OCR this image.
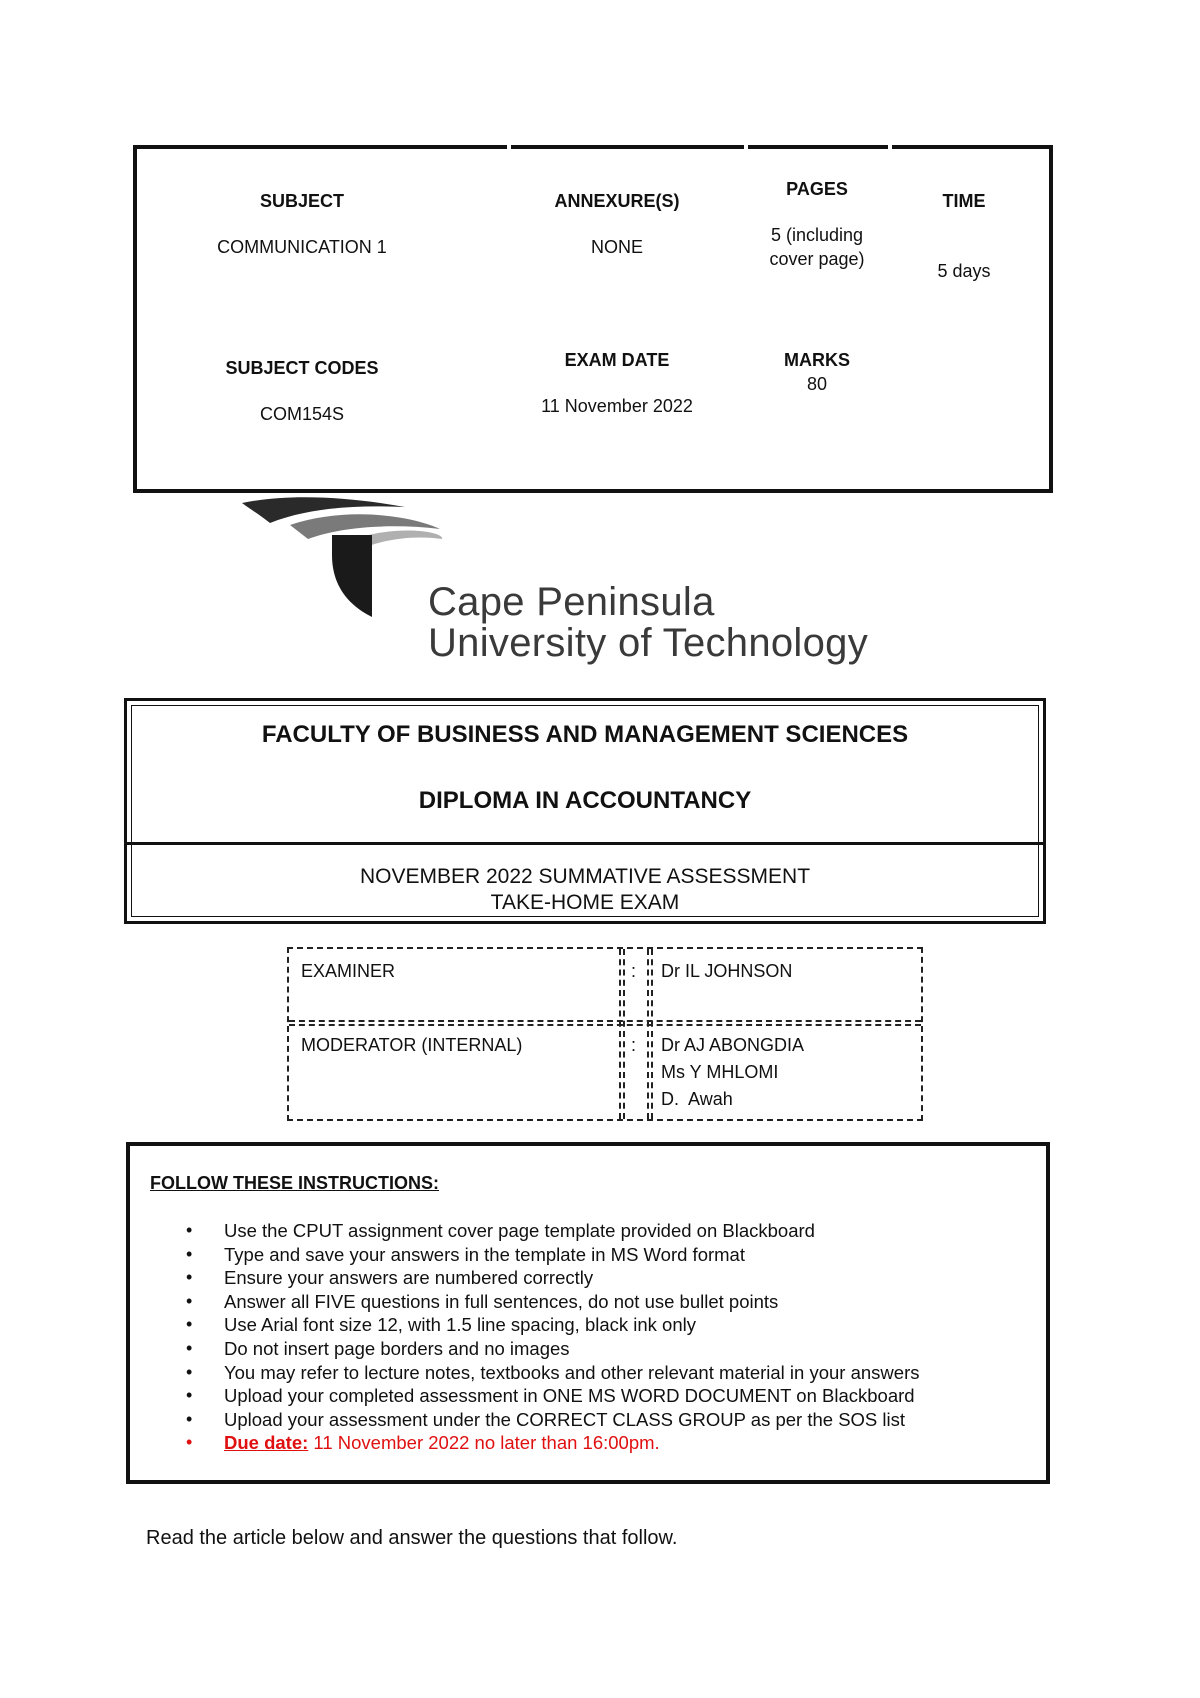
SUBJECT
COMMUNICATION 1
ANNEXURE(S)
NONE
PAGES
5 (including
cover page)
TIME
5 days
SUBJECT CODES
COM154S
EXAM DATE
11 November 2022
MARKS
80
Cape Peninsula
University of Technology
FACULTY OF BUSINESS AND MANAGEMENT SCIENCES
DIPLOMA IN ACCOUNTANCY
NOVEMBER 2022 SUMMATIVE ASSESSMENT
TAKE-HOME EXAM
EXAMINER	: Dr IL JOHNSON
MODERATOR (INTERNAL)	: Dr AJ ABONGDIA
Ms Y MHLOMI
D.  Awah
FOLLOW THESE INSTRUCTIONS:
• Use the CPUT assignment cover page template provided on Blackboard
• Type and save your answers in the template in MS Word format
• Ensure your answers are numbered correctly
• Answer all FIVE questions in full sentences, do not use bullet points
• Use Arial font size 12, with 1.5 line spacing, black ink only
• Do not insert page borders and no images
• You may refer to lecture notes, textbooks and other relevant material in your answers
• Upload your completed assessment in ONE MS WORD DOCUMENT on Blackboard
• Upload your assessment under the CORRECT CLASS GROUP as per the SOS list
• Due date: 11 November 2022 no later than 16:00pm.
Read the article below and answer the questions that follow.
